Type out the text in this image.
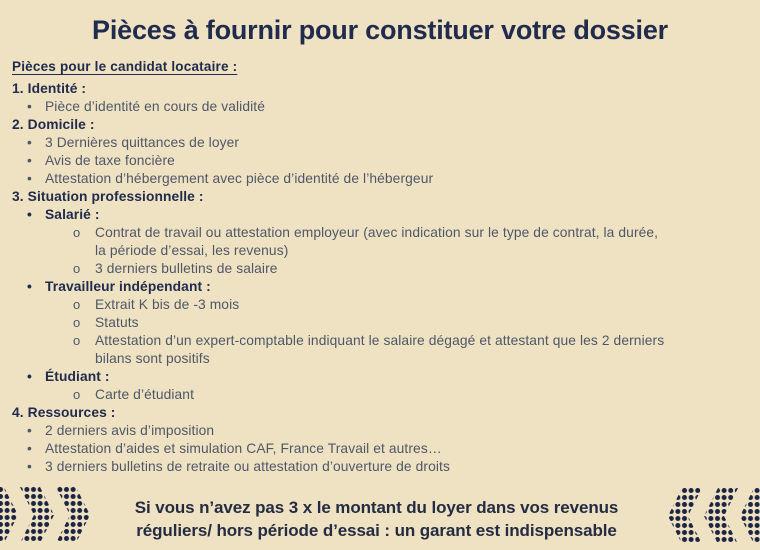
Pièces à fournir pour constituer votre dossier
Pièces pour le candidat locataire :
1. Identité :
• Pièce d’identité en cours de validité
2. Domicile :
• 3 Dernières quittances de loyer
• Avis de taxe foncière
• Attestation d’hébergement avec pièce d’identité de l’hébergeur
3. Situation professionnelle :
• Salarié :
o Contrat de travail ou attestation employeur (avec indication sur le type de contrat, la durée,
la période d’essai, les revenus)
o 3 derniers bulletins de salaire
• Travailleur indépendant :
o Extrait K bis de -3 mois
o Statuts
o Attestation d’un expert-comptable indiquant le salaire dégagé et attestant que les 2 derniers
bilans sont positifs
• Étudiant :
o Carte d’étudiant
4. Ressources :
• 2 derniers avis d’imposition
• Attestation d’aides et simulation CAF, France Travail et autres…
• 3 derniers bulletins de retraite ou attestation d’ouverture de droits
Si vous n’avez pas 3 x le montant du loyer dans vos revenus
réguliers/ hors période d’essai : un garant est indispensable
